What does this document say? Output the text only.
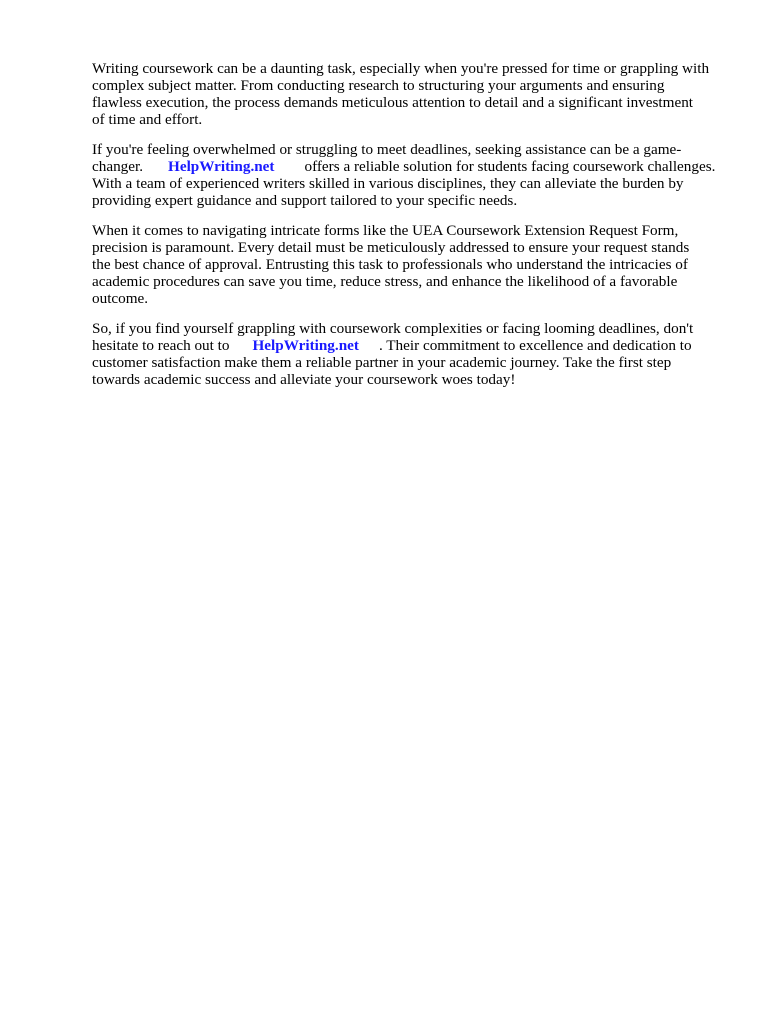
Writing coursework can be a daunting task, especially when you're pressed for time or grappling with
complex subject matter. From conducting research to structuring your arguments and ensuring
flawless execution, the process demands meticulous attention to detail and a significant investment
of time and effort.

If you're feeling overwhelmed or struggling to meet deadlines, seeking assistance can be a game-
changer. HelpWriting.net offers a reliable solution for students facing coursework challenges.
With a team of experienced writers skilled in various disciplines, they can alleviate the burden by
providing expert guidance and support tailored to your specific needs.

When it comes to navigating intricate forms like the UEA Coursework Extension Request Form,
precision is paramount. Every detail must be meticulously addressed to ensure your request stands
the best chance of approval. Entrusting this task to professionals who understand the intricacies of
academic procedures can save you time, reduce stress, and enhance the likelihood of a favorable
outcome.

So, if you find yourself grappling with coursework complexities or facing looming deadlines, don't
hesitate to reach out to HelpWriting.net . Their commitment to excellence and dedication to
customer satisfaction make them a reliable partner in your academic journey. Take the first step
towards academic success and alleviate your coursework woes today!
